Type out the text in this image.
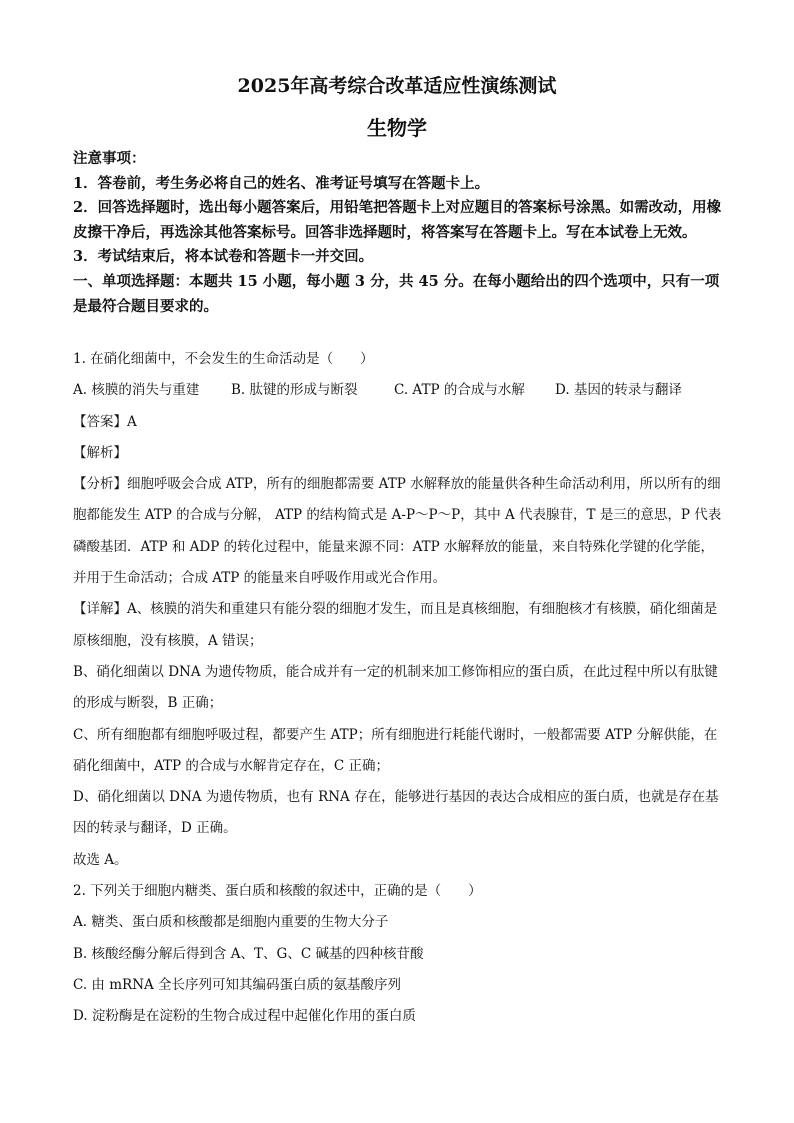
2025年高考综合改革适应性演练测试
生物学

注意事项：

1．答卷前，考生务必将自己的姓名、准考证号填写在答题卡上。

2．回答选择题时，选出每小题答案后，用铅笔把答题卡上对应题目的答案标号涂黑。如需改动，用橡皮擦干净后，再选涂其他答案标号。回答非选择题时，将答案写在答题卡上。写在本试卷上无效。

3．考试结束后，将本试卷和答题卡一并交回。

一、单项选择题：本题共 15 小题，每小题 3 分，共 45 分。在每小题给出的四个选项中，只有一项是最符合题目要求的。

1. 在硝化细菌中，不会发生的生命活动是（　　）

A. 核膜的消失与重建	B. 肽键的形成与断裂	C. ATP 的合成与水解	D. 基因的转录与翻译

【答案】A

【解析】

【分析】细胞呼吸会合成 ATP，所有的细胞都需要 ATP 水解释放的能量供各种生命活动利用，所以所有的细胞都能发生 ATP 的合成与分解， ATP 的结构简式是 A-P～P～P，其中 A 代表腺苷，T 是三的意思，P 代表磷酸基团．ATP 和 ADP 的转化过程中，能量来源不同：ATP 水解释放的能量，来自特殊化学键的化学能，并用于生命活动；合成 ATP 的能量来自呼吸作用或光合作用。

【详解】A、核膜的消失和重建只有能分裂的细胞才发生，而且是真核细胞，有细胞核才有核膜，硝化细菌是原核细胞，没有核膜，A 错误；

B、硝化细菌以 DNA 为遗传物质，能合成并有一定的机制来加工修饰相应的蛋白质，在此过程中所以有肽键的形成与断裂，B 正确；

C、所有细胞都有细胞呼吸过程，都要产生 ATP；所有细胞进行耗能代谢时，一般都需要 ATP 分解供能，在硝化细菌中，ATP 的合成与水解肯定存在，C 正确；

D、硝化细菌以 DNA 为遗传物质，也有 RNA 存在，能够进行基因的表达合成相应的蛋白质，也就是存在基因的转录与翻译，D 正确。

故选 A。

2. 下列关于细胞内糖类、蛋白质和核酸的叙述中，正确的是（　　）

A. 糖类、蛋白质和核酸都是细胞内重要的生物大分子

B. 核酸经酶分解后得到含 A、T、G、C 碱基的四种核苷酸

C. 由 mRNA 全长序列可知其编码蛋白质的氨基酸序列

D. 淀粉酶是在淀粉的生物合成过程中起催化作用的蛋白质
